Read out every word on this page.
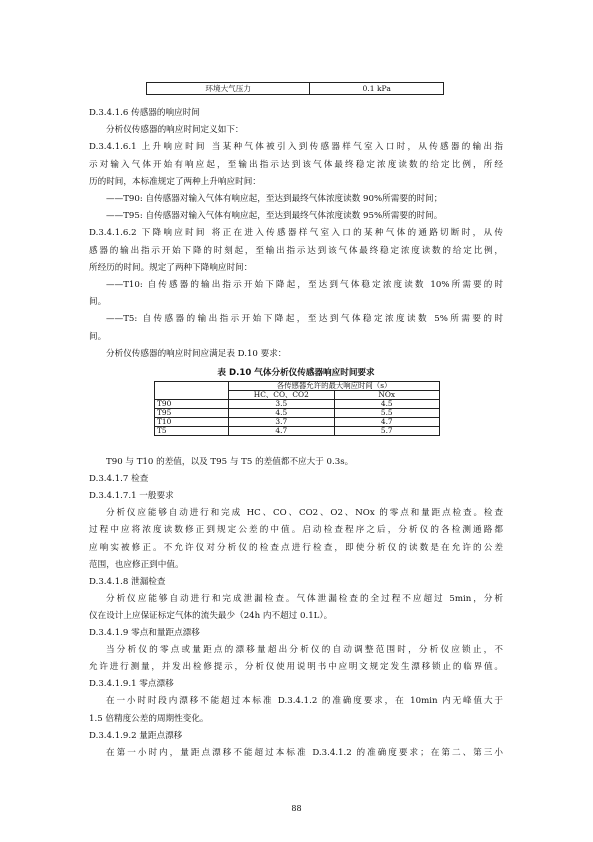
环境大气压力	0.1 kPa
D.3.4.1.6 传感器的响应时间
分析仪传感器的响应时间定义如下：
D.3.4.1.6.1 上升响应时间 当某种气体被引入到传感器样气室入口时，从传感器的输出指
示对输入气体开始有响应起，至输出指示达到该气体最终稳定浓度读数的给定比例，所经
历的时间，本标准规定了两种上升响应时间：
——T90: 自传感器对输入气体有响应起，至达到最终气体浓度读数 90%所需要的时间；
——T95: 自传感器对输入气体有响应起，至达到最终气体浓度读数 95%所需要的时间。
D.3.4.1.6.2 下降响应时间 将正在进入传感器样气室入口的某种气体的通路切断时，从传
感器的输出指示开始下降的时刻起，至输出指示达到该气体最终稳定浓度读数的给定比例，
所经历的时间。规定了两种下降响应时间：
——T10: 自传感器的输出指示开始下降起，至达到气体稳定浓度读数 10%所需要的时
间。
——T5: 自传感器的输出指示开始下降起，至达到气体稳定浓度读数 5%所需要的时
间。
分析仪传感器的响应时间应满足表 D.10 要求：
表 D.10 气体分析仪传感器响应时间要求
	各传感器允许的最大响应时间（s）	
	HC、CO、CO2	NOx
T90	3.5	4.5
T95	4.5	5.5
T10	3.7	4.7
T5	4.7	5.7
T90 与 T10 的差值，以及 T95 与 T5 的差值都不应大于 0.3s。
D.3.4.1.7 检查
D.3.4.1.7.1 一般要求
分析仪应能够自动进行和完成 HC、CO、CO2、O2、NOx 的零点和量距点检查。检查
过程中应将浓度读数修正到规定公差的中值。启动检查程序之后，分析仪的各检测通路都
应响实被修正。不允许仪对分析仪的检查点进行检查，即使分析仪的读数是在允许的公差
范围，也应修正到中值。
D.3.4.1.8 泄漏检查
分析仪应能够自动进行和完成泄漏检查。气体泄漏检查的全过程不应超过 5min，分析
仪在设计上应保证标定气体的流失最少（24h 内不超过 0.1L）。
D.3.4.1.9 零点和量距点漂移
当分析仪的零点或量距点的漂移量超出分析仪的自动调整范围时，分析仪应锁止，不
允许进行测量，并发出检修提示，分析仪使用说明书中应明文规定发生漂移锁止的临界值。
D.3.4.1.9.1 零点漂移
在一小时时段内漂移不能超过本标准 D.3.4.1.2 的准确度要求，在 10min 内无峰值大于
1.5 倍精度公差的周期性变化。
D.3.4.1.9.2 量距点漂移
在第一小时内，量距点漂移不能超过本标准 D.3.4.1.2 的准确度要求；在第二、第三小
88
